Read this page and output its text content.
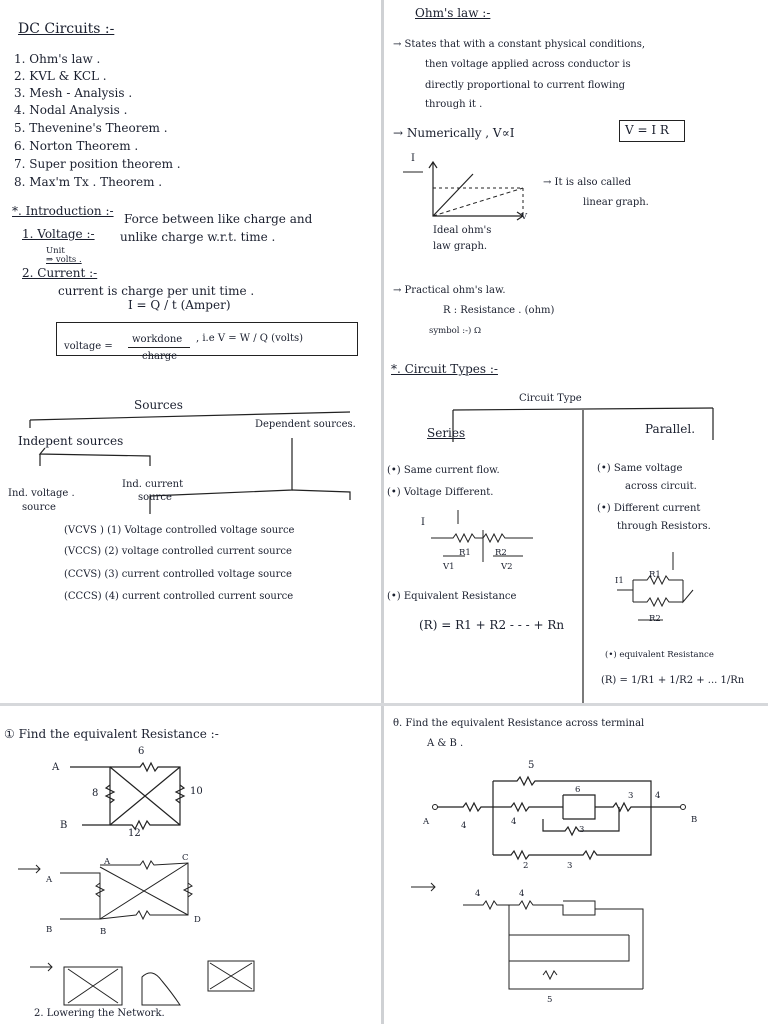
DC Circuits :-
1. Ohm's law .
2. KVL & KCL .
3. Mesh - Analysis .
4. Nodal Analysis .
5. Thevenine's Theorem .
6. Norton Theorem .
7. Super position theorem .
8. Max'm Tx . Theorem .
*. Introduction :-
1. Voltage :-
Force between like charge and
unlike charge w.r.t. time .
Unit
⇒ volts .
2. Current :-
current is charge per unit time .
I = Q / t (Amper)
voltage =
workdone
charge
, i.e V = W / Q (volts)
Sources
Indepent sources
Dependent sources.
Ind. voltage .
source
Ind. current
source
(VCVS ) (1) Voltage controlled voltage source
(VCCS) (2) voltage controlled current source
(CCVS) (3) current controlled voltage source
(CCCS) (4) current controlled current source
Ohm's law :-
→ States that with a constant physical conditions,
then voltage applied across conductor is
directly proportional to current flowing
through it .
→ Numerically , V∝I	V = I R
I
V
Ideal ohm's
law graph.
→ It is also called
linear graph.
→ Practical ohm's law.
R : Resistance . (ohm)
symbol :-) Ω
*. Circuit Types :-
Circuit Type
Series	Parallel.
(•) Same current flow.
(•) Voltage Different.
(•) Same voltage
across circuit.
(•) Different current
through Resistors.
I
R1	R2
V1	V2
(•) Equivalent Resistance
(R) = R1 + R2 - - - + Rn
I1
R1
R2
(•) equivalent Resistance
(R) = 1/R1 + 1/R2 + ... 1/Rn
① Find the equivalent Resistance :-
A
B
6
8	10
12
A
A	C
D
B	B
2. Lowering the Network.
θ. Find the equivalent Resistance across terminal
A & B .
5
A	4	4
6
3	4
3
2	3
B
4	4
5
